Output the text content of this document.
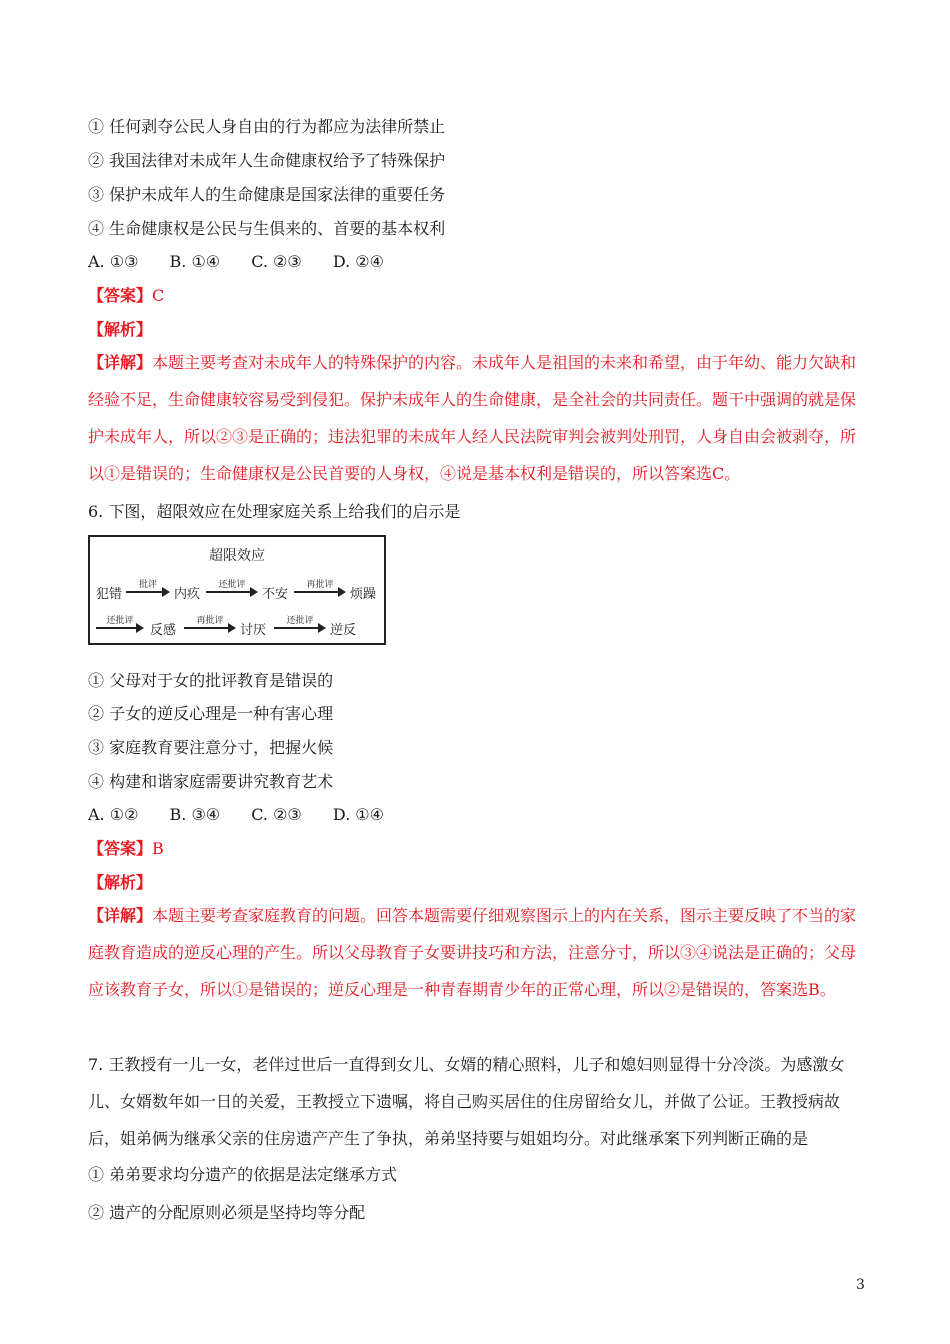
① 任何剥夺公民人身自由的行为都应为法律所禁止
② 我国法律对未成年人生命健康权给予了特殊保护
③ 保护未成年人的生命健康是国家法律的重要任务
④ 生命健康权是公民与生俱来的、首要的基本权利
A. ①③ B. ①④ C. ②③ D. ②④
【答案】C
【解析】

【详解】本题主要考查对未成年人的特殊保护的内容。未成年人是祖国的未来和希望，由于年幼、能力欠缺和经验不足，生命健康较容易受到侵犯。保护未成年人的生命健康，是全社会的共同责任。题干中强调的就是保护未成年人，所以②③是正确的；违法犯罪的未成年人经人民法院审判会被判处刑罚，人身自由会被剥夺，所以①是错误的；生命健康权是公民首要的人身权，④说是基本权利是错误的，所以答案选C。

6. 下图，超限效应在处理家庭关系上给我们的启示是
超限效应
犯错
批评
内疚
还批评
不安
再批评
烦躁
还批评
反感
再批评
讨厌
还批评
逆反
① 父母对于女的批评教育是错误的
② 子女的逆反心理是一种有害心理
③ 家庭教育要注意分寸，把握火候
④ 构建和谐家庭需要讲究教育艺术
A. ①② B. ③④ C. ②③ D. ①④
【答案】B
【解析】

【详解】本题主要考查家庭教育的问题。回答本题需要仔细观察图示上的内在关系，图示主要反映了不当的家庭教育造成的逆反心理的产生。所以父母教育子女要讲技巧和方法，注意分寸，所以③④说法是正确的；父母应该教育子女，所以①是错误的；逆反心理是一种青春期青少年的正常心理，所以②是错误的，答案选B。

7. 王教授有一儿一女，老伴过世后一直得到女儿、女婿的精心照料，儿子和媳妇则显得十分冷淡。为感激女儿、女婿数年如一日的关爱，王教授立下遗嘱，将自己购买居住的住房留给女儿，并做了公证。王教授病故后，姐弟俩为继承父亲的住房遗产产生了争执，弟弟坚持要与姐姐均分。对此继承案下列判断正确的是

① 弟弟要求均分遗产的依据是法定继承方式
② 遗产的分配原则必须是坚持均等分配
3
